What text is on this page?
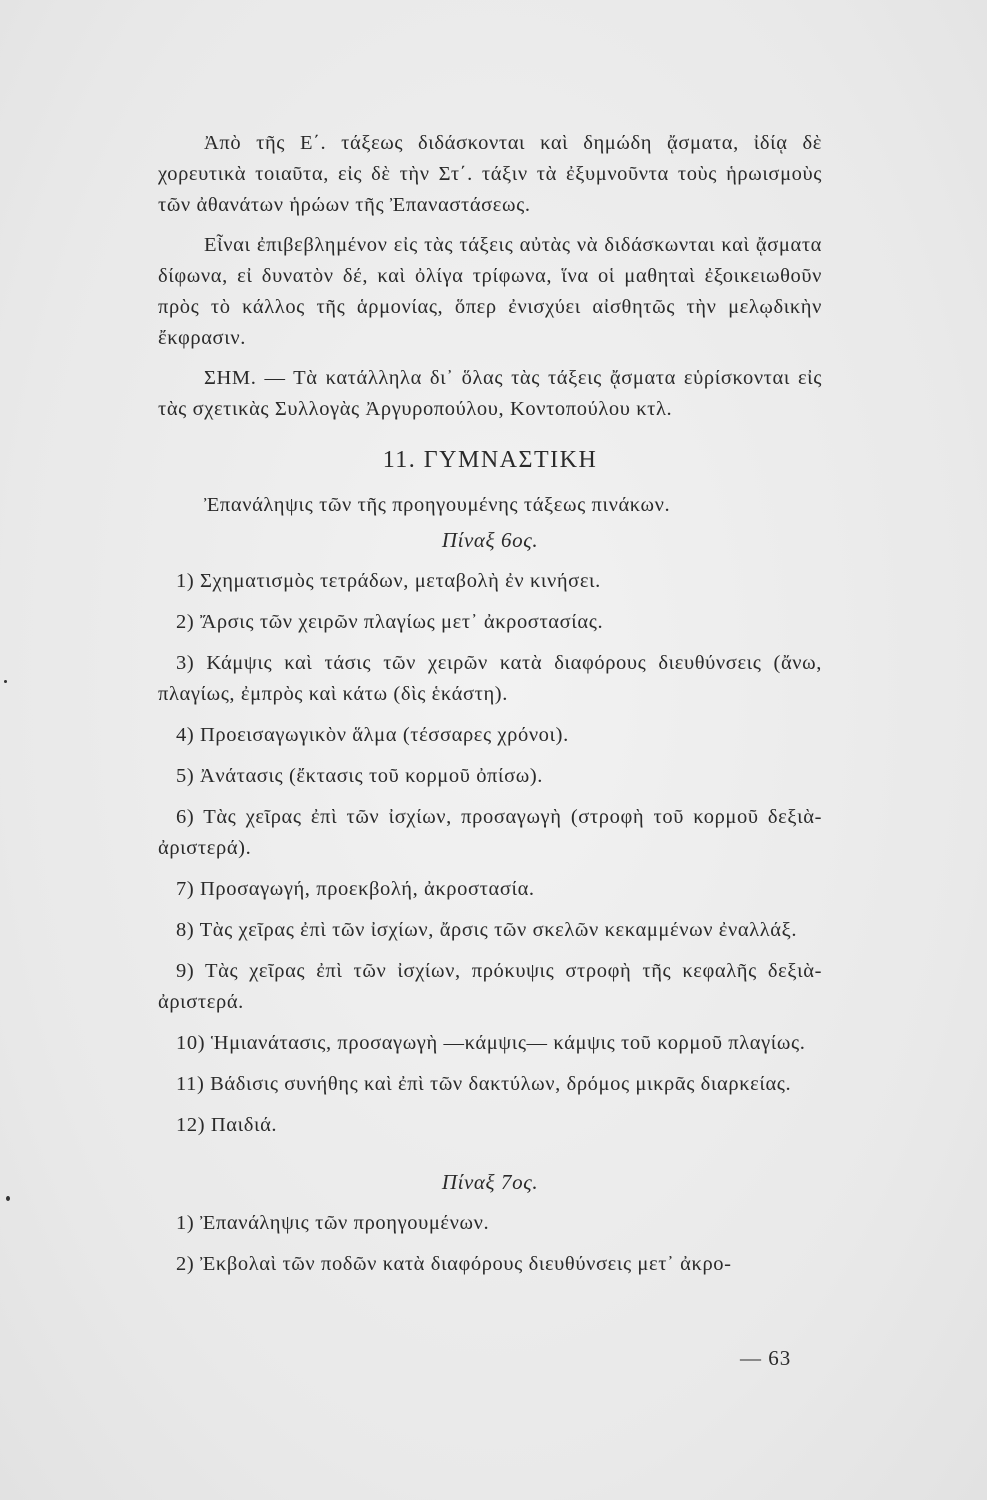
Ἀπὸ τῆς Ε΄. τάξεως διδάσκονται καὶ δημώδη ᾄσματα, ἰδίᾳ δὲ χορευτικὰ τοιαῦτα, εἰς δὲ τὴν Στ΄. τάξιν τὰ ἐξυμνοῦντα τοὺς ἡρωισμοὺς τῶν ἀθανάτων ἡρώων τῆς Ἐπαναστάσεως.

Εἶναι ἐπιβεβλημένον εἰς τὰς τάξεις αὐτὰς νὰ διδάσκωνται καὶ ᾄσματα δίφωνα, εἰ δυνατὸν δέ, καὶ ὀλίγα τρίφωνα, ἵνα οἱ μαθηταὶ ἐξοικειωθοῦν πρὸς τὸ κάλλος τῆς ἁρμονίας, ὅπερ ἐνισχύει αἰσθητῶς τὴν μελῳδικὴν ἔκφρασιν.

ΣΗΜ. — Τὰ κατάλληλα δι᾽ ὅλας τὰς τάξεις ᾄσματα εὑρίσκονται εἰς τὰς σχετικὰς Συλλογὰς Ἀργυροπούλου, Κοντοπούλου κτλ.

11. ΓΥΜΝΑΣΤΙΚΗ

Ἐπανάληψις τῶν τῆς προηγουμένης τάξεως πινάκων.

Πίναξ 6ος.

1) Σχηματισμὸς τετράδων, μεταβολὴ ἐν κινήσει.

2) Ἄρσις τῶν χειρῶν πλαγίως μετ᾽ ἀκροστασίας.

3) Κάμψις καὶ τάσις τῶν χειρῶν κατὰ διαφόρους διευθύνσεις (ἄνω, πλαγίως, ἐμπρὸς καὶ κάτω (δὶς ἑκάστη).

4) Προεισαγωγικὸν ἅλμα (τέσσαρες χρόνοι).

5) Ἀνάτασις (ἔκτασις τοῦ κορμοῦ ὀπίσω).

6) Τὰς χεῖρας ἐπὶ τῶν ἰσχίων, προσαγωγὴ (στροφὴ τοῦ κορμοῦ δεξιὰ-ἀριστερά).

7) Προσαγωγή, προεκβολή, ἀκροστασία.

8) Τὰς χεῖρας ἐπὶ τῶν ἰσχίων, ἄρσις τῶν σκελῶν κεκαμμένων ἐναλλάξ.

9) Τὰς χεῖρας ἐπὶ τῶν ἰσχίων, πρόκυψις στροφὴ τῆς κεφαλῆς δεξιὰ-ἀριστερά.

10) Ἡμιανάτασις, προσαγωγὴ —κάμψις— κάμψις τοῦ κορμοῦ πλαγίως.

11) Βάδισις συνήθης καὶ ἐπὶ τῶν δακτύλων, δρόμος μικρᾶς διαρκείας.

12) Παιδιά.

Πίναξ 7ος.

1) Ἐπανάληψις τῶν προηγουμένων.

2) Ἐκβολαὶ τῶν ποδῶν κατὰ διαφόρους διευθύνσεις μετ᾽ ἀκρο-

— 63
